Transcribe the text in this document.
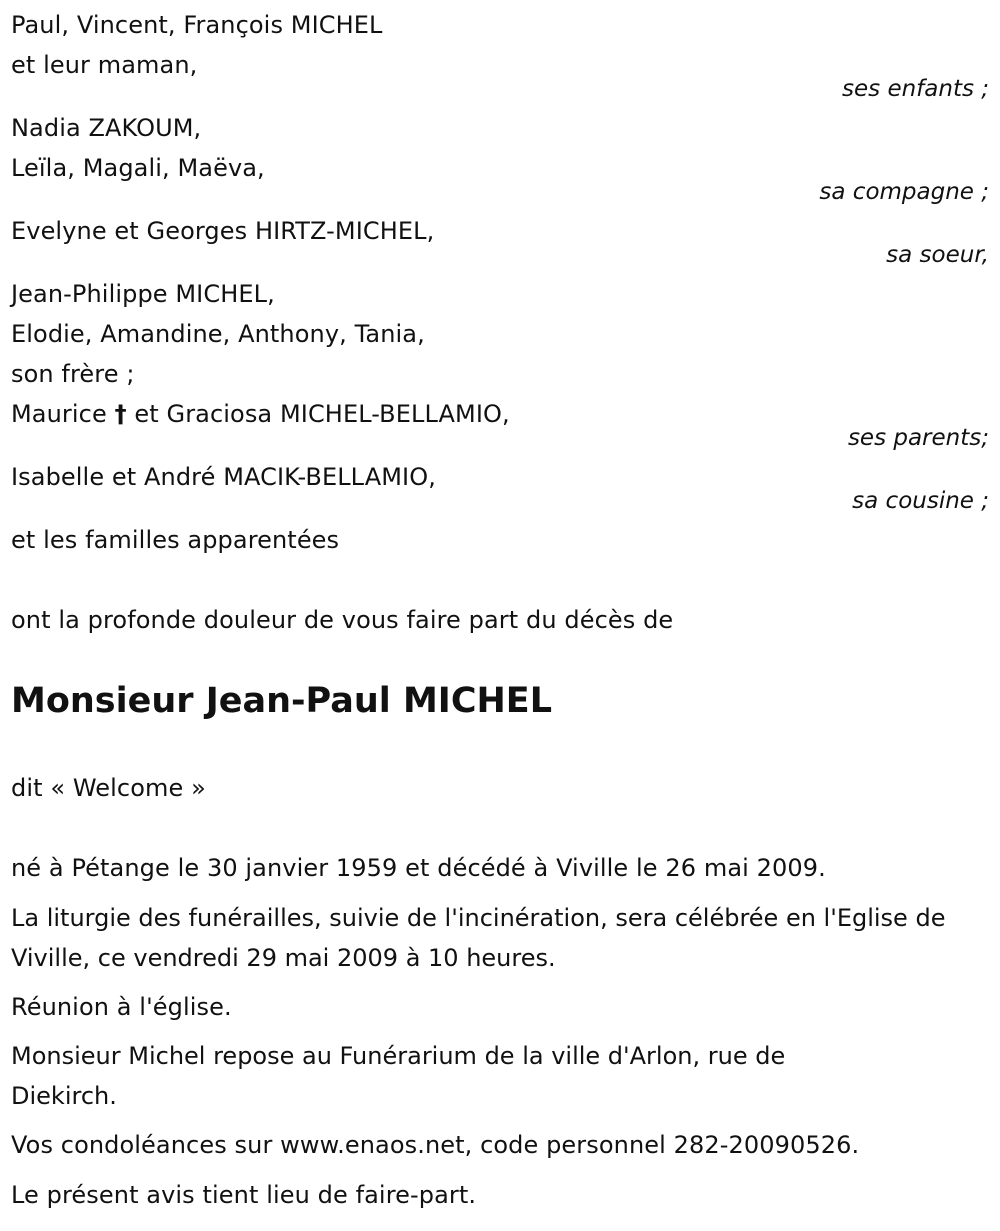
Paul, Vincent, François MICHEL
et leur maman,
ses enfants ;
Nadia ZAKOUM,
Leïla, Magali, Maëva,
sa compagne ;
Evelyne et Georges HIRTZ-MICHEL,
sa soeur,
Jean-Philippe MICHEL,
Elodie, Amandine, Anthony, Tania,
son frère ;
Maurice † et Graciosa MICHEL-BELLAMIO,
ses parents;
Isabelle et André MACIK-BELLAMIO,
sa cousine ;
et les familles apparentées
ont la profonde douleur de vous faire part du décès de
Monsieur Jean-Paul MICHEL
dit « Welcome »
né à Pétange le 30 janvier 1959 et décédé à Viville le 26 mai 2009.
La liturgie des funérailles, suivie de l'incinération, sera célébrée en l'Eglise de Viville, ce vendredi 29 mai 2009 à 10 heures.
Réunion à l'église.
Monsieur Michel repose au Funérarium de la ville d'Arlon, rue de Diekirch.
Vos condoléances sur www.enaos.net, code personnel 282-20090526.
Le présent avis tient lieu de faire-part.
